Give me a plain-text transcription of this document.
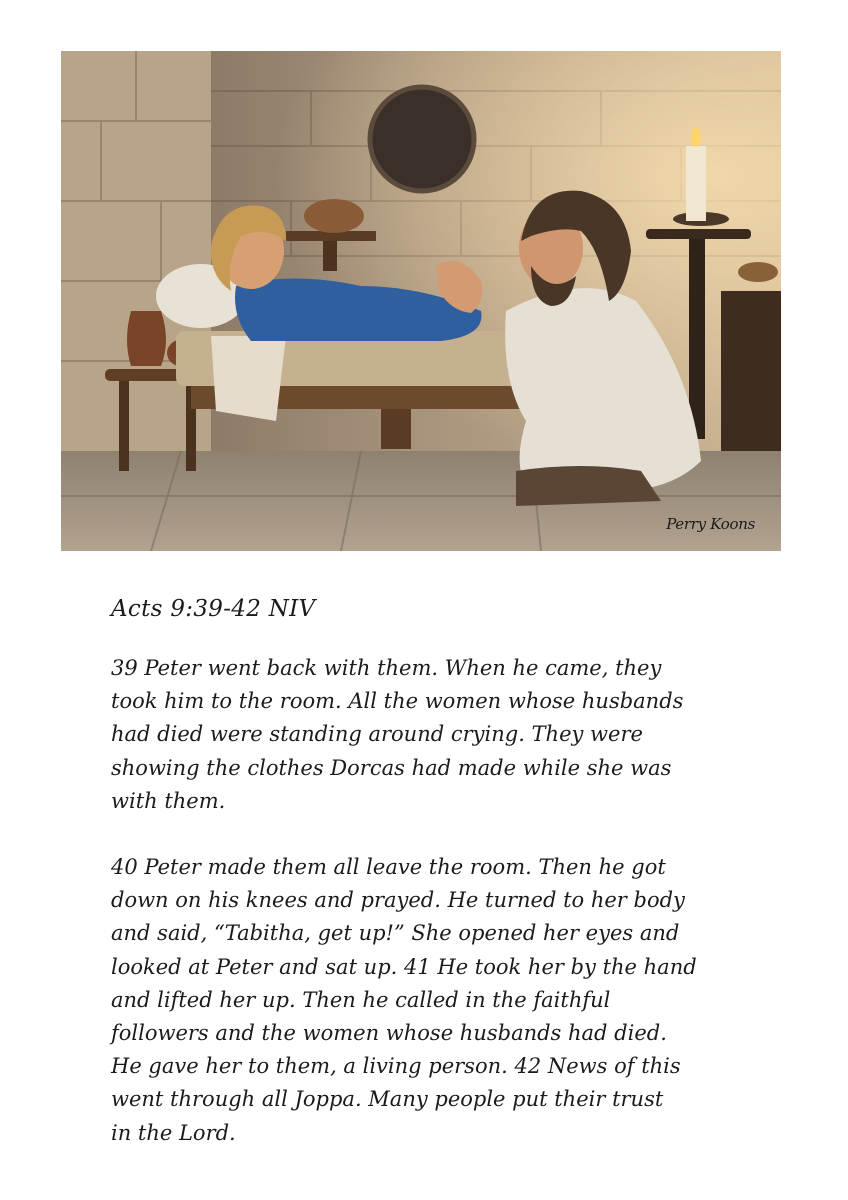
Perry Koons
Acts 9:39-42 NIV

39 Peter went back with them. When he came, they
took him to the room. All the women whose husbands
had died were standing around crying. They were
showing the clothes Dorcas had made while she was
with them.

40 Peter made them all leave the room. Then he got
down on his knees and prayed. He turned to her body
and said, “Tabitha, get up!” She opened her eyes and
looked at Peter and sat up. 41 He took her by the hand
and lifted her up. Then he called in the faithful
followers and the women whose husbands had died.
He gave her to them, a living person. 42 News of this
went through all Joppa. Many people put their trust
in the Lord.
